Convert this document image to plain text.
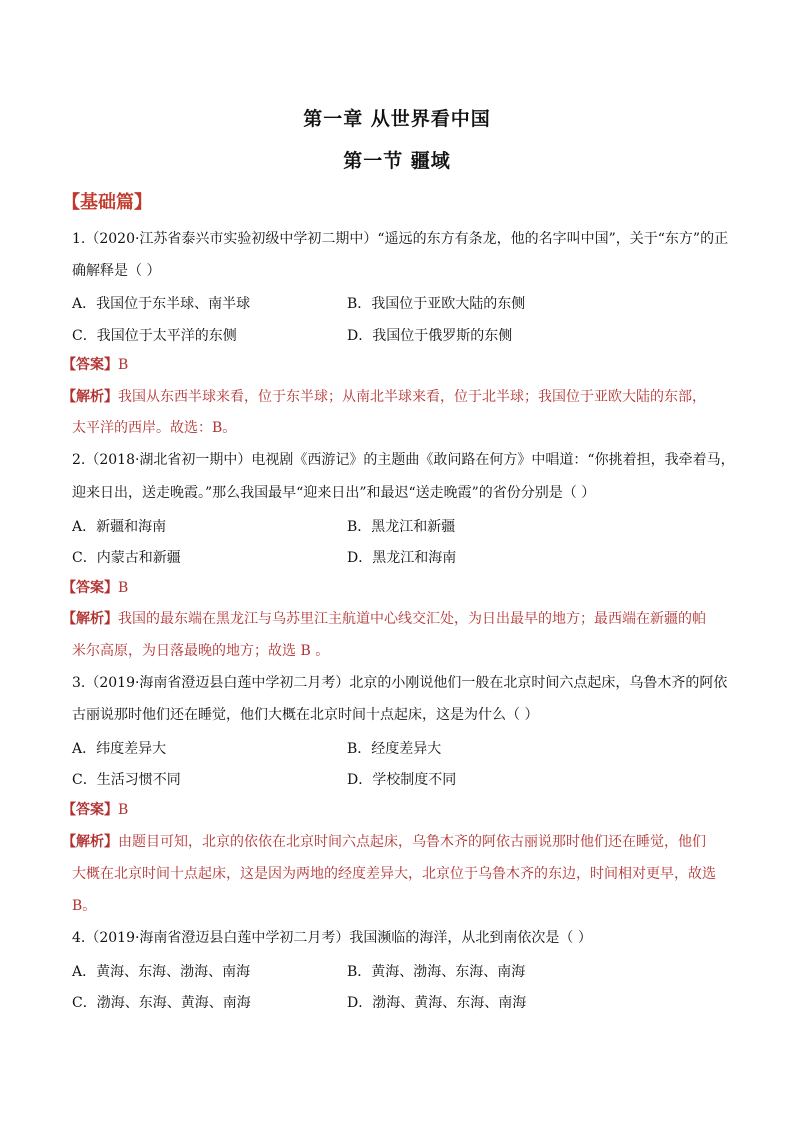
第一章 从世界看中国
第一节 疆域
【基础篇】
1.（2020·江苏省泰兴市实验初级中学初二期中）“遥远的东方有条龙，他的名字叫中国”，关于“东方”的正
确解释是（ ）
A．我国位于东半球、南半球	B．我国位于亚欧大陆的东侧
C．我国位于太平洋的东侧	D．我国位于俄罗斯的东侧
【答案】B
【解析】我国从东西半球来看，位于东半球；从南北半球来看，位于北半球；我国位于亚欧大陆的东部，
太平洋的西岸。故选：B。
2.（2018·湖北省初一期中）电视剧《西游记》的主题曲《敢问路在何方》中唱道：“你挑着担，我牵着马，
迎来日出，送走晚霞。”那么我国最早“迎来日出”和最迟“送走晚霞”的省份分别是（ ）
A．新疆和海南	B．黑龙江和新疆
C．内蒙古和新疆	D．黑龙江和海南
【答案】B
【解析】我国的最东端在黑龙江与乌苏里江主航道中心线交汇处，为日出最早的地方；最西端在新疆的帕
米尔高原，为日落最晚的地方；故选 B 。
3.（2019·海南省澄迈县白莲中学初二月考）北京的小刚说他们一般在北京时间六点起床，乌鲁木齐的阿依
古丽说那时他们还在睡觉，他们大概在北京时间十点起床，这是为什么（ ）
A．纬度差异大	B．经度差异大
C．生活习惯不同	D．学校制度不同
【答案】B
【解析】由题目可知，北京的依依在北京时间六点起床，乌鲁木齐的阿依古丽说那时他们还在睡觉，他们
大概在北京时间十点起床，这是因为两地的经度差异大，北京位于乌鲁木齐的东边，时间相对更早，故选
B。
4.（2019·海南省澄迈县白莲中学初二月考）我国濒临的海洋，从北到南依次是（ ）
A．黄海、东海、渤海、南海	B．黄海、渤海、东海、南海
C．渤海、东海、黄海、南海	D．渤海、黄海、东海、南海
